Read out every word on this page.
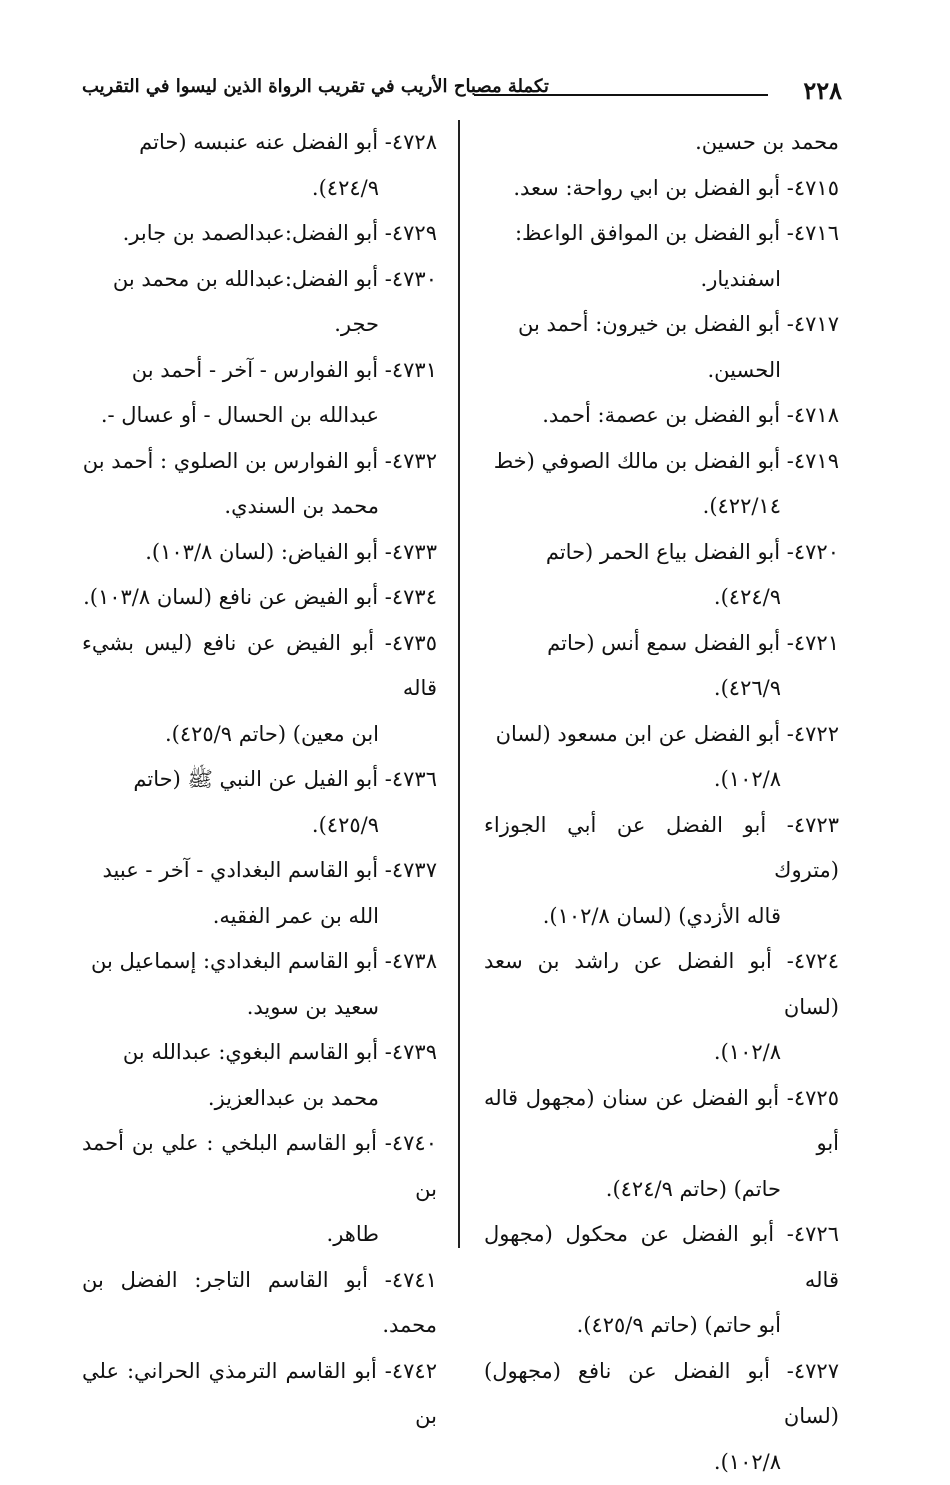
٢٢٨
تكملة مصباح الأريب في تقريب الرواة الذين ليسوا في التقريب

محمد بن حسين.

٤٧١٥- أبو الفضل بن ابي رواحة: سعد.

٤٧١٦- أبو الفضل بن الموافق الواعظ:
اسفنديار.

٤٧١٧- أبو الفضل بن خيرون: أحمد بن
الحسين.

٤٧١٨- أبو الفضل بن عصمة: أحمد.

٤٧١٩- أبو الفضل بن مالك الصوفي (خط
٤٢٢/١٤).

٤٧٢٠- أبو الفضل بياع الحمر (حاتم
٤٢٤/٩).

٤٧٢١- أبو الفضل سمع أنس (حاتم
٤٢٦/٩).

٤٧٢٢- أبو الفضل عن ابن مسعود (لسان
١٠٢/٨).

٤٧٢٣- أبو الفضل عن أبي الجوزاء (متروك
قاله الأزدي) (لسان ١٠٢/٨).

٤٧٢٤- أبو الفضل عن راشد بن سعد (لسان
١٠٢/٨).

٤٧٢٥- أبو الفضل عن سنان (مجهول قاله أبو
حاتم) (حاتم ٤٢٤/٩).

٤٧٢٦- أبو الفضل عن محكول (مجهول قاله
أبو حاتم) (حاتم ٤٢٥/٩).

٤٧٢٧- أبو الفضل عن نافع (مجهول) (لسان
١٠٢/٨).

٤٧٢٨- أبو الفضل عنه عنبسه (حاتم
٤٢٤/٩).

٤٧٢٩- أبو الفضل:عبدالصمد بن جابر.

٤٧٣٠- أبو الفضل:عبدالله بن محمد بن
حجر.

٤٧٣١- أبو الفوارس - آخر - أحمد بن
عبدالله بن الحسال - أو عسال -.

٤٧٣٢- أبو الفوارس بن الصلوي : أحمد بن
محمد بن السندي.

٤٧٣٣- أبو الفياض: (لسان ١٠٣/٨).

٤٧٣٤- أبو الفيض عن نافع (لسان ١٠٣/٨).

٤٧٣٥- أبو الفيض عن نافع (ليس بشيء قاله
ابن معين) (حاتم ٤٢٥/٩).

٤٧٣٦- أبو الفيل عن النبي ﷺ (حاتم
٤٢٥/٩).

٤٧٣٧- أبو القاسم البغدادي - آخر - عبيد
الله بن عمر الفقيه.

٤٧٣٨- أبو القاسم البغدادي: إسماعيل بن
سعيد بن سويد.

٤٧٣٩- أبو القاسم البغوي: عبدالله بن
محمد بن عبدالعزيز.

٤٧٤٠- أبو القاسم البلخي : علي بن أحمد بن
طاهر.

٤٧٤١- أبو القاسم التاجر: الفضل بن محمد.

٤٧٤٢- أبو القاسم الترمذي الحراني: علي بن
